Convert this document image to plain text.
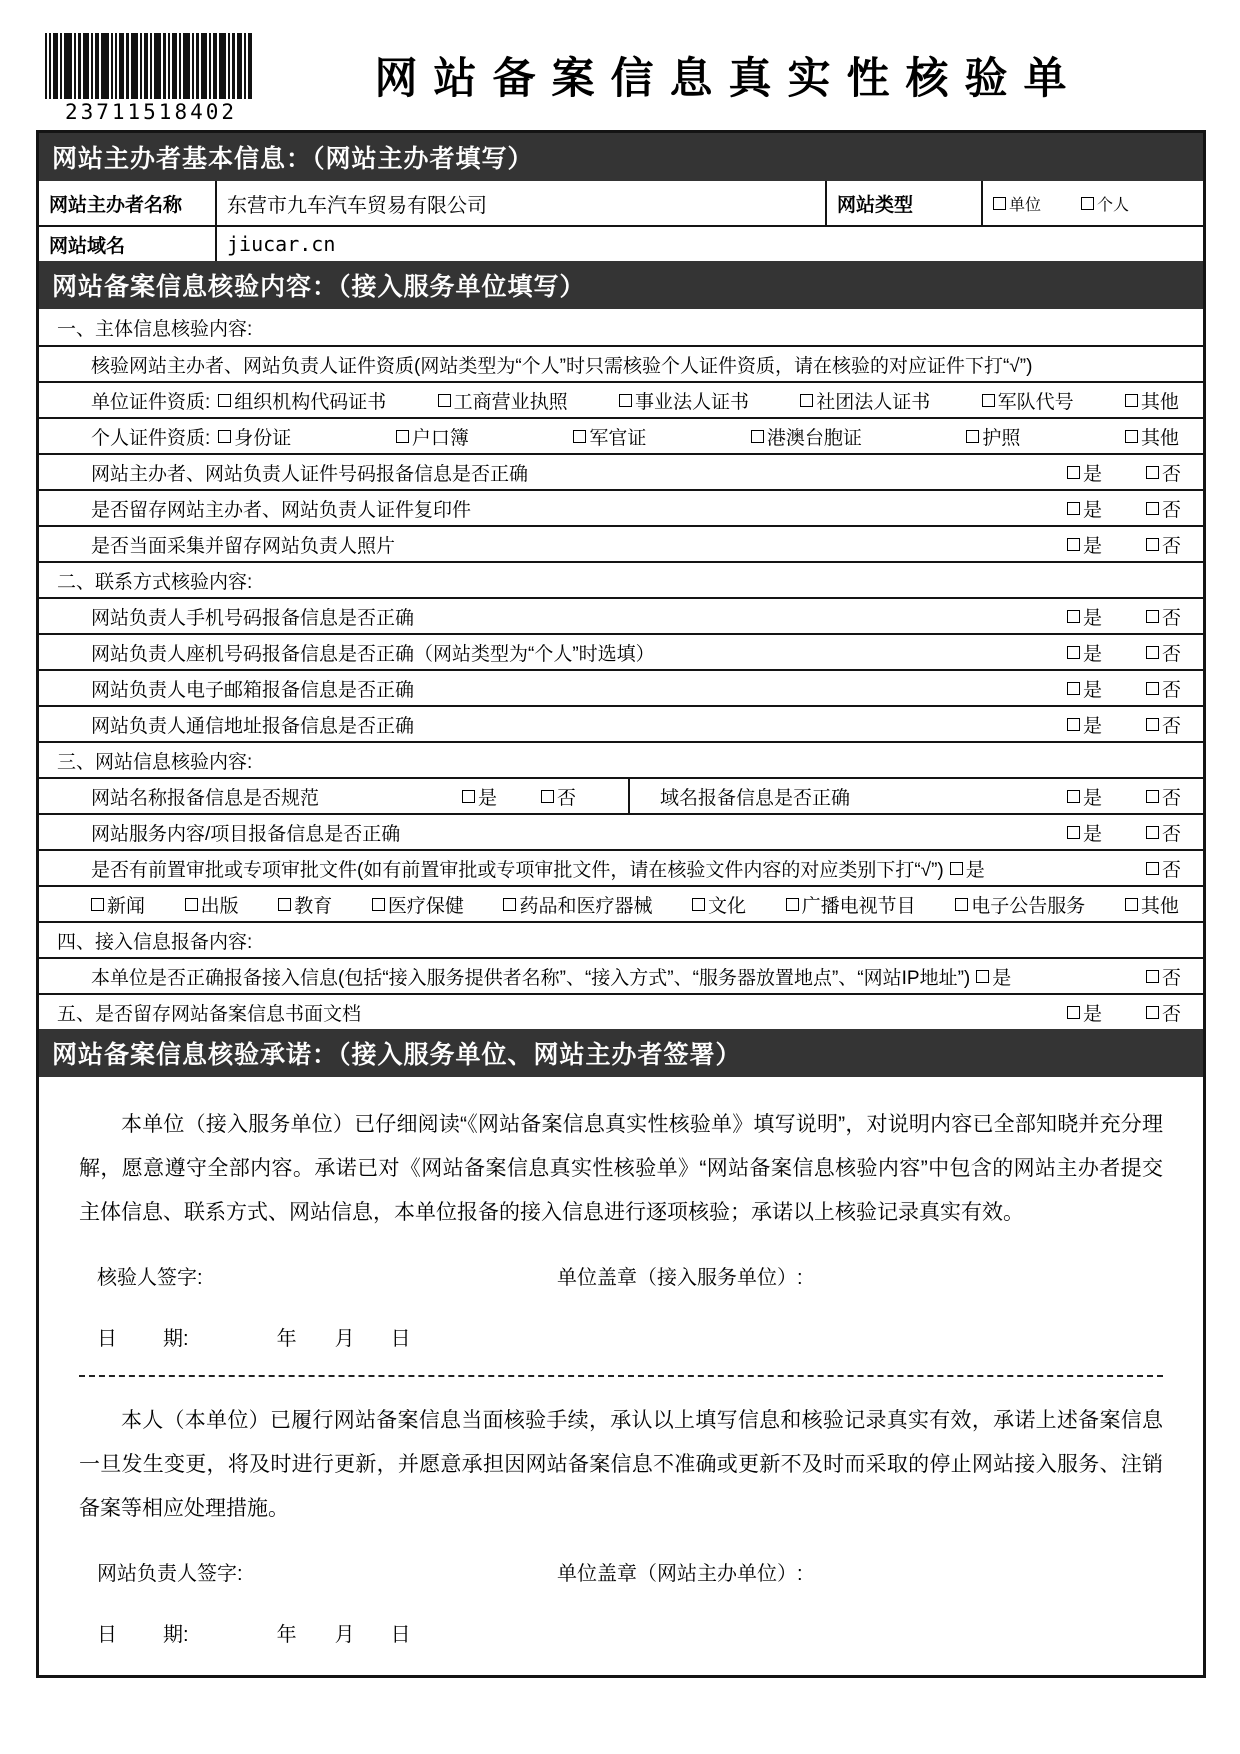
23711518402
网站备案信息真实性核验单
网站主办者基本信息：（网站主办者填写）
网站主办者名称	东营市九车汽车贸易有限公司	网站类型	单位	个人
网站域名	jiucar.cn
网站备案信息核验内容：（接入服务单位填写）
一、主体信息核验内容:
核验网站主办者、网站负责人证件资质(网站类型为“个人”时只需核验个人证件资质，请在核验的对应证件下打“√”)
单位证件资质: 组织机构代码证书	工商营业执照	事业法人证书	社团法人证书	军队代号	其他
个人证件资质: 身份证	户口簿	军官证	港澳台胞证	护照	其他
网站主办者、网站负责人证件号码报备信息是否正确	是	否
是否留存网站主办者、网站负责人证件复印件	是	否
是否当面采集并留存网站负责人照片	是	否
二、联系方式核验内容:
网站负责人手机号码报备信息是否正确	是	否
网站负责人座机号码报备信息是否正确（网站类型为“个人”时选填）	是	否
网站负责人电子邮箱报备信息是否正确	是	否
网站负责人通信地址报备信息是否正确	是	否
三、网站信息核验内容:
网站名称报备信息是否规范	是	否	域名报备信息是否正确	是	否
网站服务内容/项目报备信息是否正确	是	否
是否有前置审批或专项审批文件(如有前置审批或专项审批文件，请在核验文件内容的对应类别下打“√”) 是	否
新闻	出版	教育	医疗保健	药品和医疗器械	文化	广播电视节目	电子公告服务	其他
四、接入信息报备内容:
本单位是否正确报备接入信息(包括“接入服务提供者名称”、“接入方式”、“服务器放置地点”、“网站IP地址”) 是	否
五、是否留存网站备案信息书面文档	是	否
网站备案信息核验承诺：（接入服务单位、网站主办者签署）

本单位（接入服务单位）已仔细阅读“《网站备案信息真实性核验单》填写说明”，对说明内容已全部知晓并充分理解，愿意遵守全部内容。承诺已对《网站备案信息真实性核验单》“网站备案信息核验内容”中包含的网站主办者提交主体信息、联系方式、网站信息，本单位报备的接入信息进行逐项核验；承诺以上核验记录真实有效。

核验人签字:	单位盖章（接入服务单位）:
日 期:	年 月 日

本人（本单位）已履行网站备案信息当面核验手续，承认以上填写信息和核验记录真实有效，承诺上述备案信息一旦发生变更，将及时进行更新，并愿意承担因网站备案信息不准确或更新不及时而采取的停止网站接入服务、注销备案等相应处理措施。

网站负责人签字:	单位盖章（网站主办单位）:
日 期:	年 月 日
